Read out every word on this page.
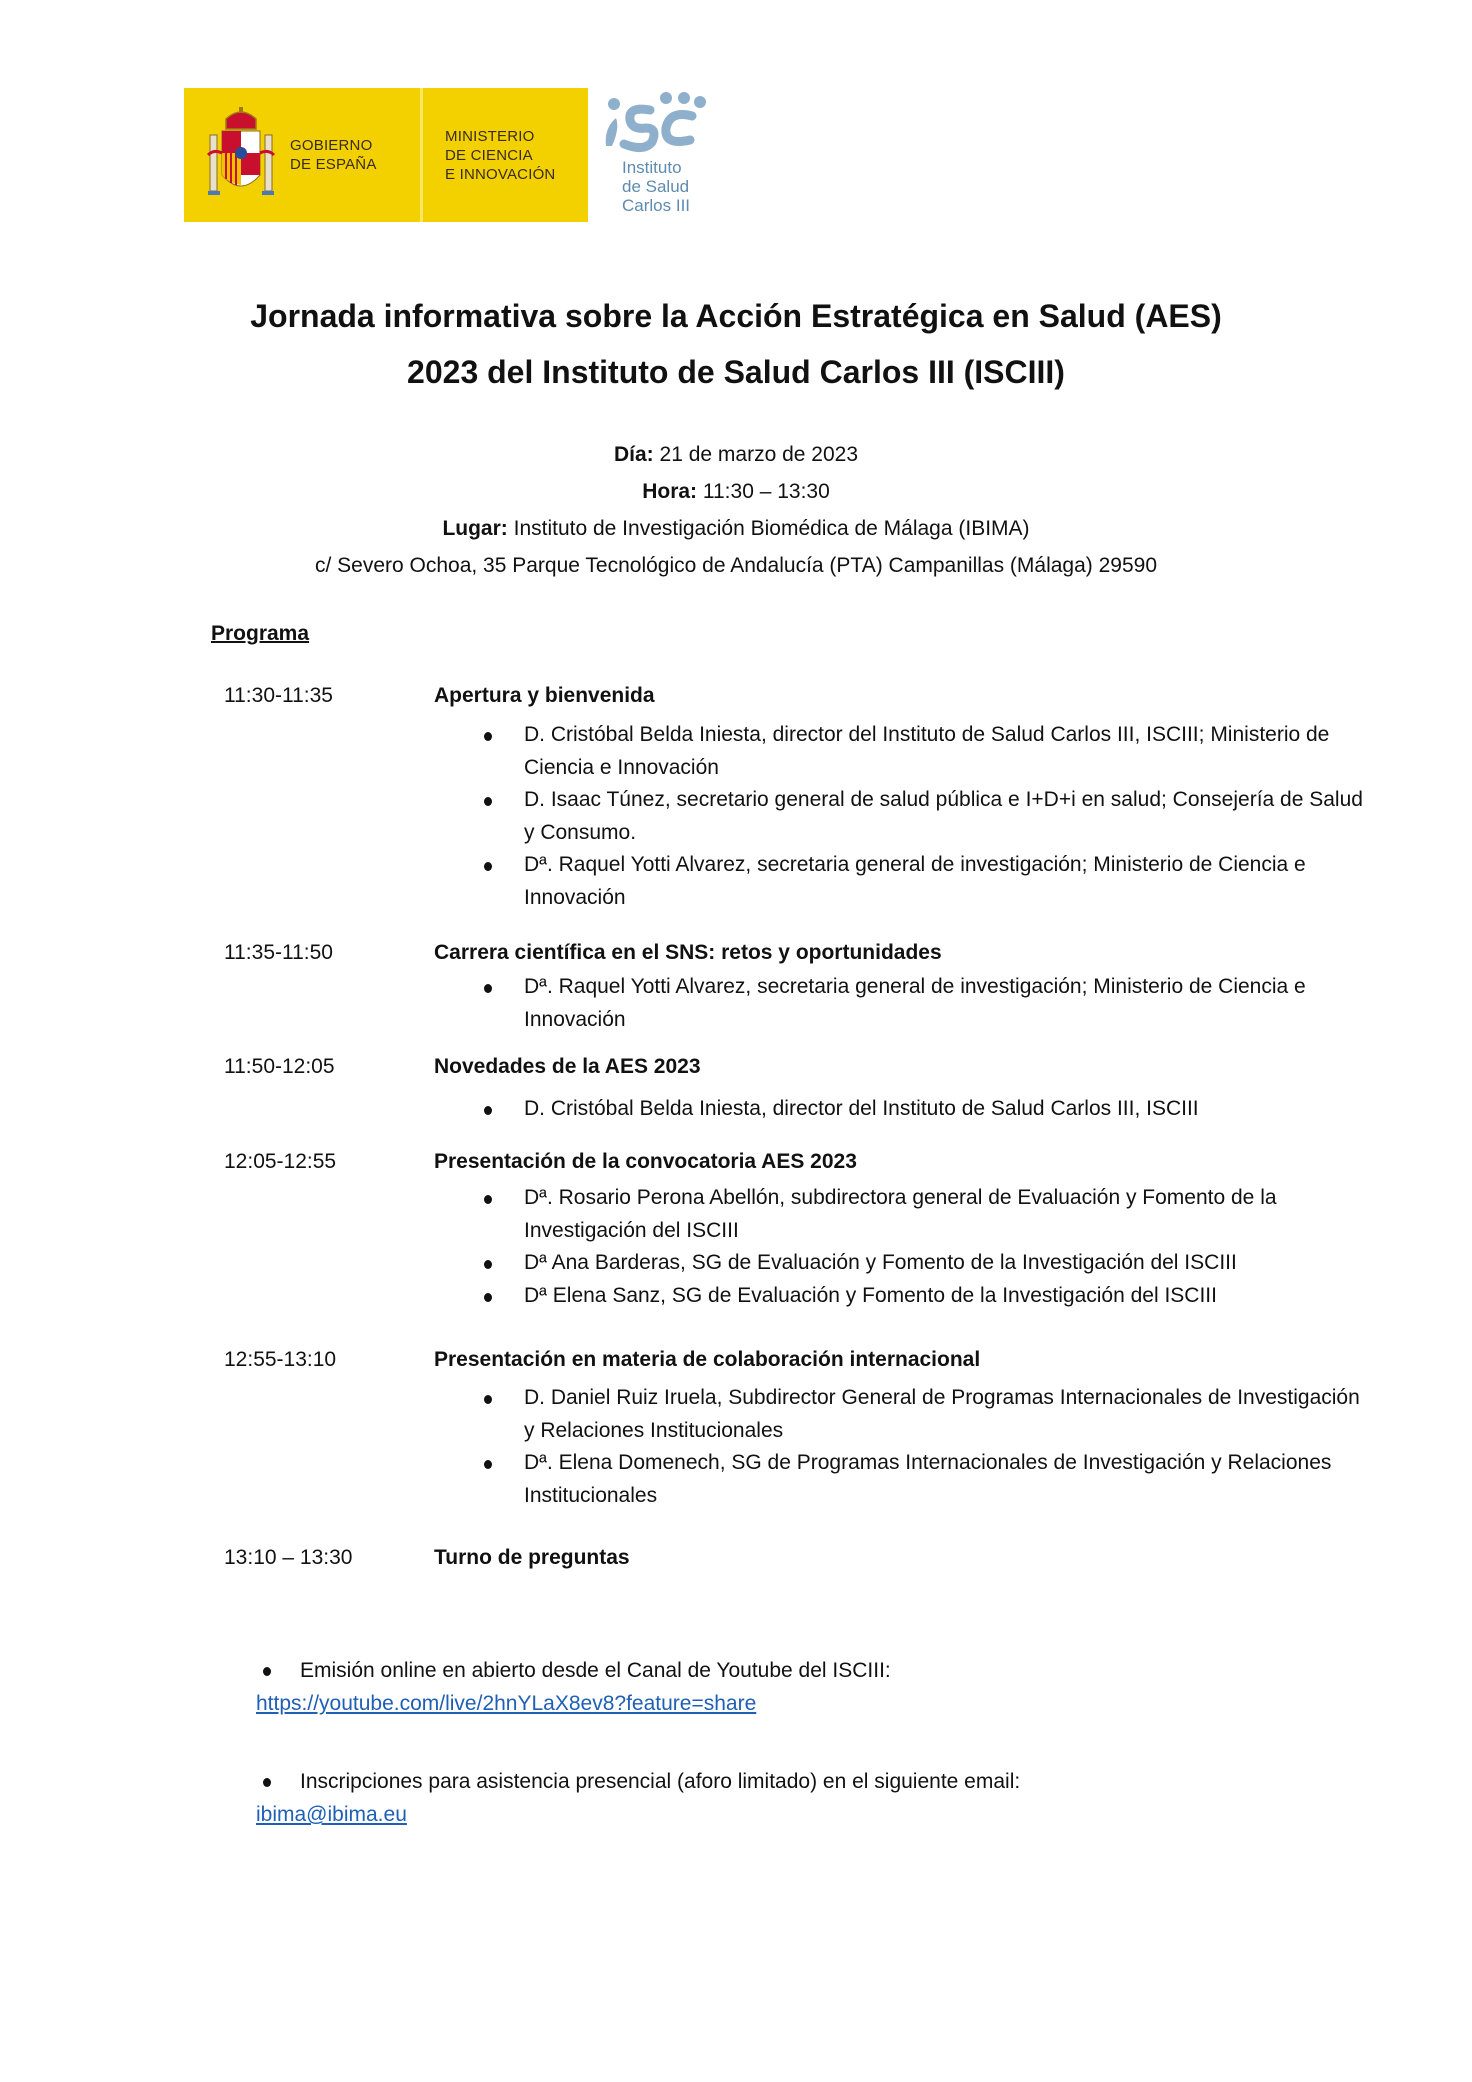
GOBIERNO
DE ESPAÑA
MINISTERIO
DE CIENCIA
E INNOVACIÓN	Instituto
de Salud
Carlos III
Jornada informativa sobre la Acción Estratégica en Salud (AES)
2023 del Instituto de Salud Carlos III (ISCIII)
Día: 21 de marzo de 2023
Hora: 11:30 – 13:30
Lugar: Instituto de Investigación Biomédica de Málaga (IBIMA)
c/ Severo Ochoa, 35 Parque Tecnológico de Andalucía (PTA) Campanillas (Málaga) 29590
Programa
11:30-11:35	Apertura y bienvenida
D. Cristóbal Belda Iniesta, director del Instituto de Salud Carlos III, ISCIII; Ministerio de Ciencia e Innovación
D. Isaac Túnez, secretario general de salud pública e I+D+i en salud; Consejería de Salud y Consumo.
Dª. Raquel Yotti Alvarez, secretaria general de investigación; Ministerio de Ciencia e Innovación
11:35-11:50	Carrera científica en el SNS: retos y oportunidades
Dª. Raquel Yotti Alvarez, secretaria general de investigación; Ministerio de Ciencia e Innovación
11:50-12:05	Novedades de la AES 2023
D. Cristóbal Belda Iniesta, director del Instituto de Salud Carlos III, ISCIII
12:05-12:55	Presentación de la convocatoria AES 2023
Dª. Rosario Perona Abellón, subdirectora general de Evaluación y Fomento de la Investigación del ISCIII
Dª Ana Barderas, SG de Evaluación y Fomento de la Investigación del ISCIII
Dª Elena Sanz, SG de Evaluación y Fomento de la Investigación del ISCIII
12:55-13:10	Presentación en materia de colaboración internacional
D. Daniel Ruiz Iruela, Subdirector General de Programas Internacionales de Investigación y Relaciones Institucionales
Dª. Elena Domenech, SG de Programas Internacionales de Investigación y Relaciones Institucionales
13:10 – 13:30	Turno de preguntas
Emisión online en abierto desde el Canal de Youtube del ISCIII:
https://youtube.com/live/2hnYLaX8ev8?feature=share
Inscripciones para asistencia presencial (aforo limitado) en el siguiente email:
ibima@ibima.eu
